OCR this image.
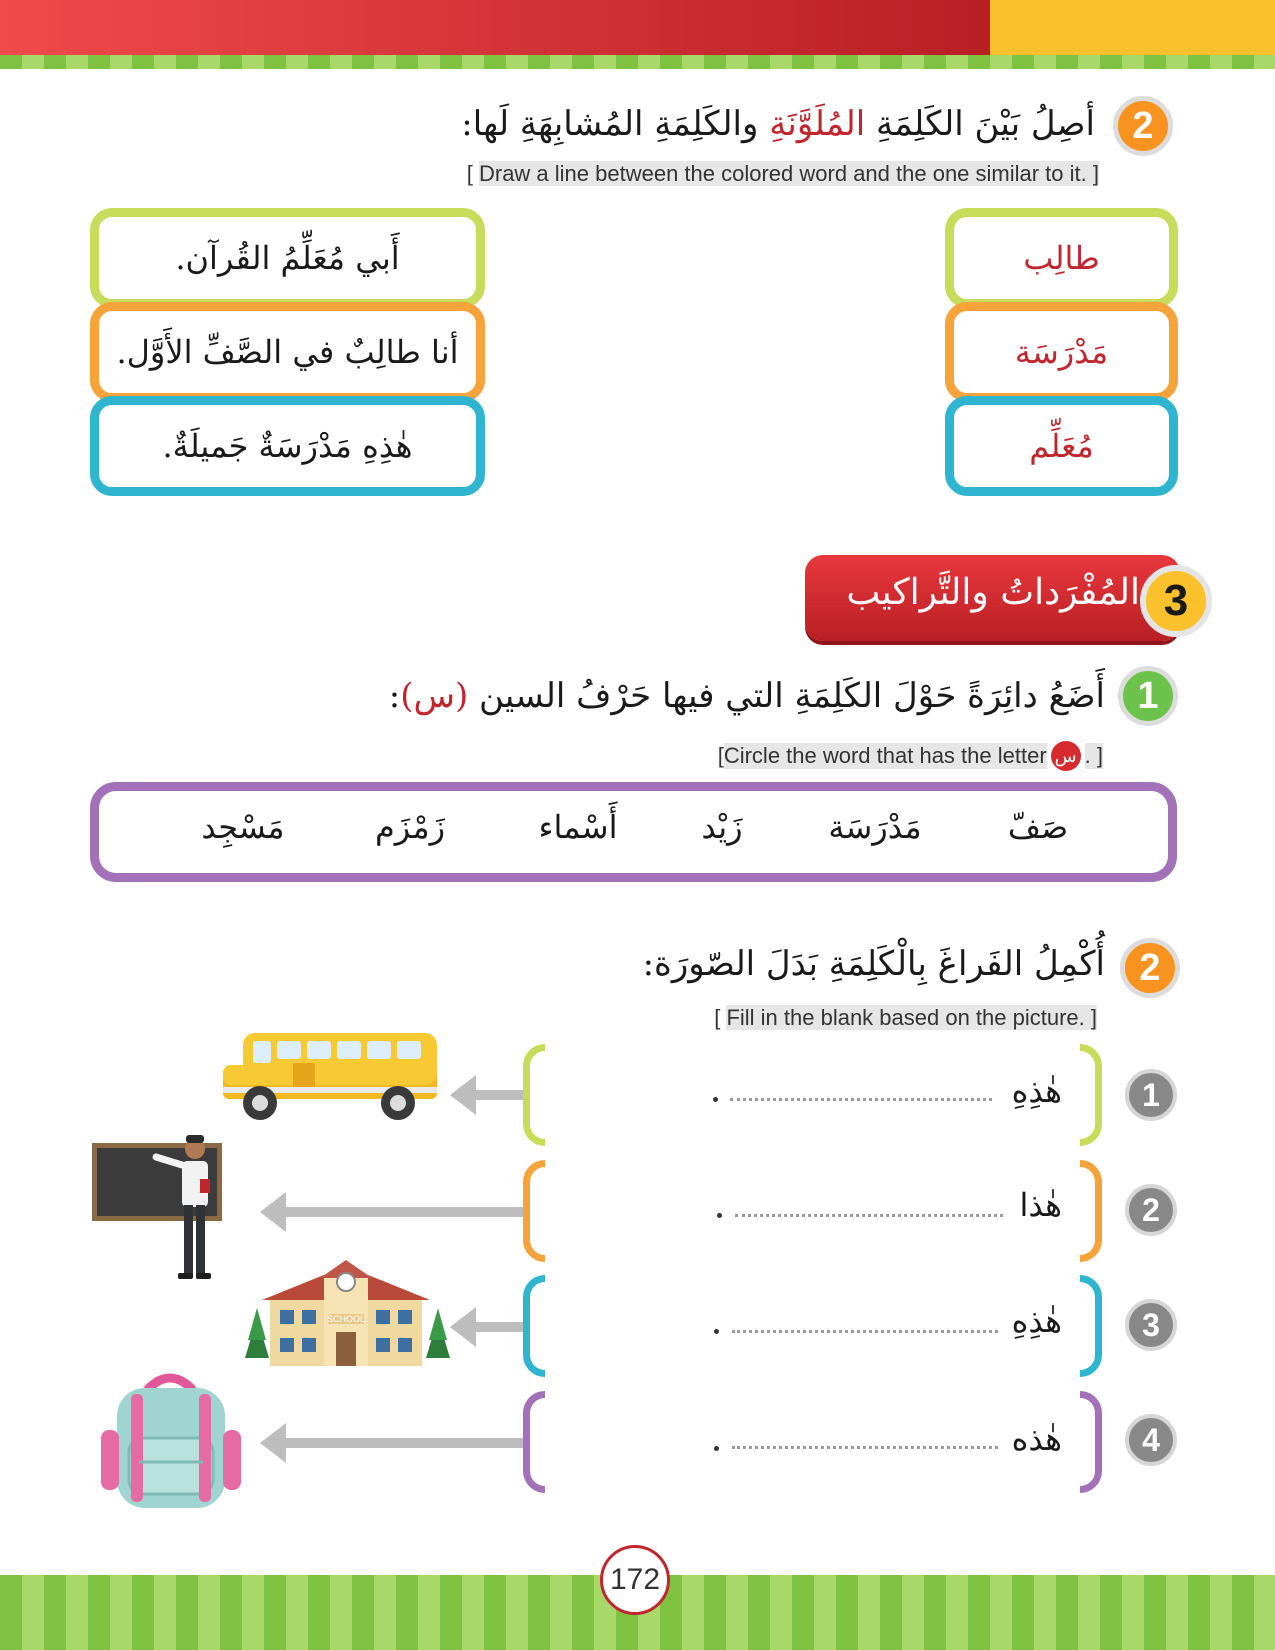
2
أصِلُ بَيْنَ الكَلِمَةِ المُلَوَّنَةِ والكَلِمَةِ المُشابِهَةِ لَها:
[ Draw a line between the colored word and the one similar to it. ]
أَبي مُعَلِّمُ القُرآن.
أنا طالِبٌ في الصَّفِّ الأَوَّل.
هٰذِهِ مَدْرَسَةٌ جَميلَةٌ.
طالِب
مَدْرَسَة
مُعَلِّم
المُفْرَداتُ والتَّراكيب 3
1
أَضَعُ دائِرَةً حَوْلَ الكَلِمَةِ التي فيها حَرْفُ السين (س):
[ Circle the word that has the letter س . ]
صَفّ
مَدْرَسَة
زَيْد
أَسْماء
زَمْزَم
مَسْجِد
2
أُكْمِلُ الفَراغَ بِالْكَلِمَةِ بَدَلَ الصّورَة:
[ Fill in the blank based on the picture. ]
هٰذِهِ	1
هٰذا	2
هٰذِهِ	3
هٰذه	4
SCHOOL
172
